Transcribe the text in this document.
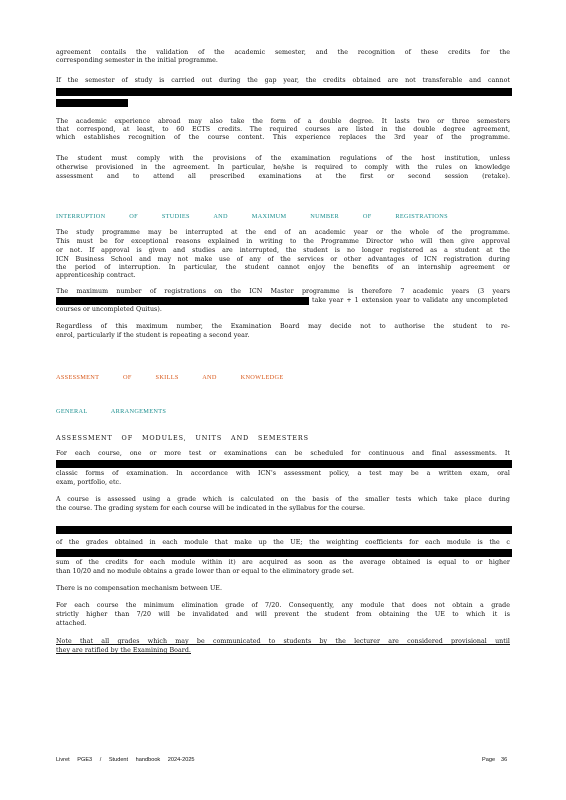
agreement contails the validation of the academic semester, and the recognition of these credits for the
corresponding semester in the initial programme.
If the semester of study is carried out during the gap year, the credits obtained are not transferable and cannot
The academic experience abroad may also take the form of a double degree. It lasts two or three semesters
that correspond, at least, to 60 ECTS credits. The required courses are listed in the double degree agreement,
which establishes recognition of the course content. This experience replaces the 3rd year of the programme.
The student must comply with the provisions of the examination regulations of the host institution, unless
otherwise provisioned in the agreement. In particular, he/she is required to comply with the rules on knowledge
assessment and to attend all prescribed examinations at the first or second session (retake).
INTERRUPTION OF STUDIES AND MAXIMUM NUMBER OF REGISTRATIONS
The study programme may be interrupted at the end of an academic year or the whole of the programme.
This must be for exceptional reasons explained in writing to the Programme Director who will then give approval
or not. If approval is given and studies are interrupted, the student is no longer registered as a student at the
ICN Business School and may not make use of any of the services or other advantages of ICN registration during
the period of interruption. In particular, the student cannot enjoy the benefits of an internship agreement or
apprenticeship contract.
The maximum number of registrations on the ICN Master programme is therefore 7 academic years (3 years
take year + 1 extension year to validate any uncompleted
courses or uncompleted Quitus).
Regardless of this maximum number, the Examination Board may decide not to authorise the student to re-
enrol, particularly if the student is repeating a second year.
ASSESSMENT OF SKILLS AND KNOWLEDGE
GENERAL ARRANGEMENTS
ASSESSMENT OF MODULES, UNITS AND SEMESTERS
For each course, one or more test or examinations can be scheduled for continuous and final assessments. It
classic forms of examination. In accordance with ICN's assessment policy, a test may be a written exam, oral
exam, portfolio, etc.
A course is assessed using a grade which is calculated on the basis of the smaller tests which take place during
the course. The grading system for each course will be indicated in the syllabus for the course.
of the grades obtained in each module that make up the UE; the weighting coefficients for each module is the c
sum of the credits for each module within it) are acquired as soon as the average obtained is equal to or higher
than 10/20 and no module obtains a grade lower than or equal to the eliminatory grade set.
There is no compensation mechanism between UE.
For each course the minimum elimination grade of 7/20. Consequently, any module that does not obtain a grade
strictly higher than 7/20 will be invalidated and will prevent the student from obtaining the UE to which it is
attached.
Note that all grades which may be communicated to students by the lecturer are considered provisional until
they are ratified by the Examining Board.
Livret PGE3 / Student handbook 2024-2025	Page 36
